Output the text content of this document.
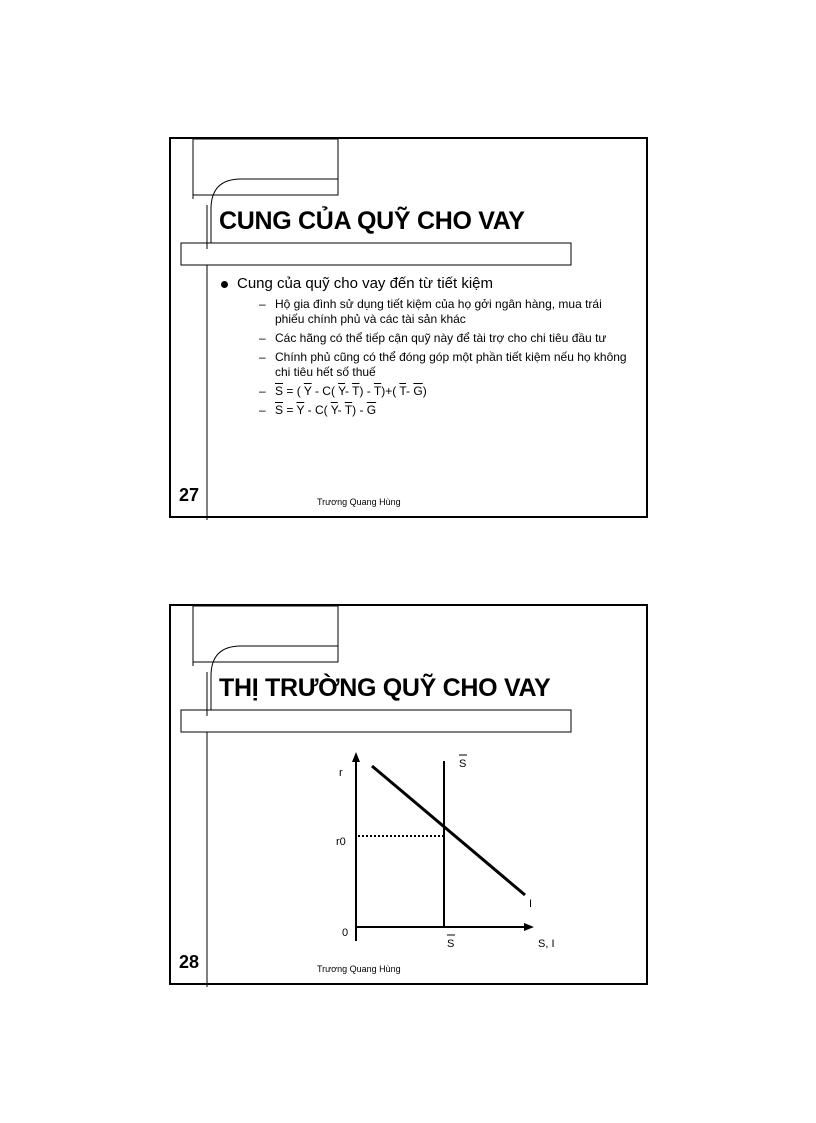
CUNG CỦA QUỸ CHO VAY
Cung của quỹ cho vay đến từ tiết kiệm
– Hộ gia đình sử dụng tiết kiệm của họ gởi ngân hàng, mua trái phiếu chính phủ và các tài sản khác
– Các hãng có thể tiếp cận quỹ này để tài trợ cho chi tiêu đầu tư
– Chính phủ cũng có thể đóng góp một phần tiết kiệm nếu họ không chi tiêu hết số thuế
– $\overline{S}$ = ( $\overline{Y} - C$( $\overline{Y}-$ $\overline{T}) - \overline{T})+$( $\overline{T}-$ $\overline{G}$)
– $\overline{S} = \overline{Y} - C$( $\overline{Y}-$ $\overline{T}) - \overline{G}$
27	Trương Quang Hùng
THỊ TRƯỜNG QUỸ CHO VAY
r
r0
0
S
S
I
S, I
28	Trương Quang Hùng
